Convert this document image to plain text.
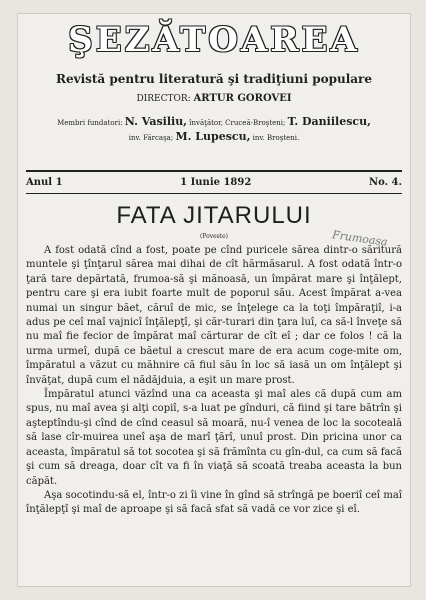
ŞEZĂTOAREA
Revistă pentru literatură şi tradiţiuni populare
DIRECTOR: ARTUR GOROVEI
Membri fundatori: N. Vasiliu, învăţător, Cruceă-Broşteni; T. Daniilescu,
inv. Fărcaşa; M. Lupescu, inv. Broşteni.
Anul 1	1 Iunie 1892	No. 4.
FATA JITARULUI
(Poveste)	Frumoasa

A fost odată cînd a fost, poate pe cînd puricele sărea dintr-o săritură muntele şi ţînţarul sărea mai dihai de cît hărmăsarul. A fost odată într-o ţară tare depărtată, frumoa-să şi mănoasă, un împărat mare şi înţălept, pentru care şi era iubit foarte mult de poporul său. Acest împărat a-vea numai un singur băet, căruî de mic, se înţelege ca la toţi împăraţiî, i-a adus pe ceî maî vajnicî înţălepţî, şi căr-turari din ţara luî, ca să-l înveţe să nu maî fie fecior de împărat maî cărturar de cît eî ; dar ce folos ! că la urma urmeî, după ce băetul a crescut mare de era acum coge-mite om, împăratul a văzut cu măhnire că fiul său în loc să iasă un om înţălept şi învăţat, după cum el nădăjduia, a eşit un mare prost.

Împăratul atunci văzînd una ca aceasta şi maî ales că după cum am spus, nu maî avea şi alţi copiî, s-a luat pe gînduri, că fiind şi tare bătrîn şi aşteptîndu-şi cînd de cînd ceasul să moară, nu-î venea de loc la socoteală să lase cîr-muirea uneî aşa de marî ţărî, unuî prost. Din pricina unor ca aceasta, împăratul să tot socotea şi să frămînta cu gîn-dul, ca cum să facă şi cum să dreaga, doar cît va fi în viaţă să scoată treaba aceasta la bun căpăt.

Aşa socotindu-să el, într-o zi îi vine în gînd să strîngă pe boeriî ceî maî înţălepţî şi maî de aproape şi să facă sfat să vadă ce vor zice şi eî.
